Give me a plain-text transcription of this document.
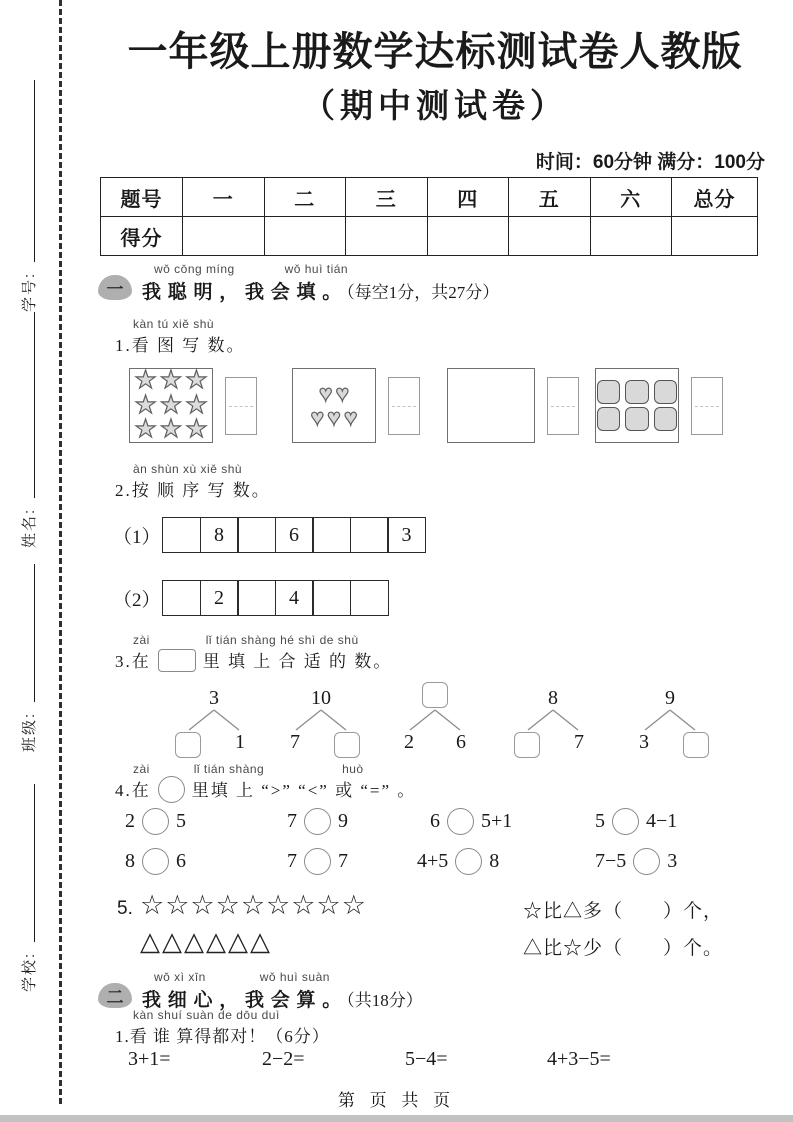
学号:
姓名:
班级:
学校:
一年级上册数学达标测试卷人教版
（期中测试卷）
时间：60分钟 满分：100分
题号	一	二	三	四	五	六	总分
得分							
一
wǒ cōng míng	wǒ huì tián
我 聪 明 ， 我 会 填 。 （每空1分，共27分）
kàn tú xiě shù
1.看 图 写 数。
★ ★ ★
★ ★ ★
★ ★ ★
♥ ♥
♥ ♥ ♥
àn shùn xù xiě shù
2.按 顺 序 写 数。
（1）	8	6	3
（2）	2	4
zài	lǐ tián shàng hé shì de shù
3.在	里 填 上 合 适 的 数。
3
1
10
7	2 6
8
7
9
3
zài	lǐ tián shàng	huò
4.在 里填 上 “>” “<” 或 “=” 。
2 5	7 9	6 5+1	5 4−1
8 6	7 7	4+5 8	7−5 3
5. ☆☆☆☆☆☆☆☆☆
△△△△△△
☆比△多（　　）个，
△比☆少（　　）个。
二
wǒ xì xīn	wǒ huì suàn
我 细 心 ， 我 会 算 。 （共18分）
kàn shuí suàn de dōu duì
1.看 谁 算得都对！（6分）
3+1=	2−2=	5−4=	4+3−5=
第 页 共 页
